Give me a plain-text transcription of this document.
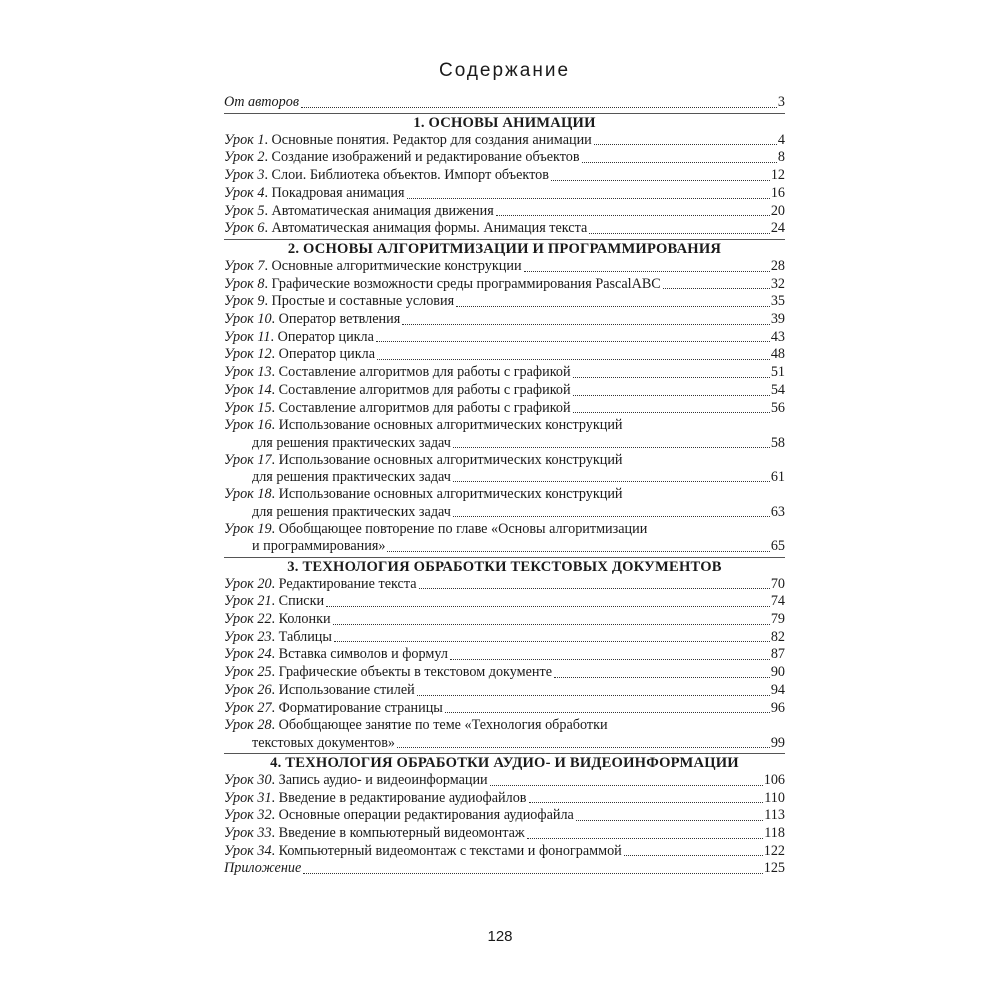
Содержание
От авторов	3
1. ОСНОВЫ АНИМАЦИИ
Урок 1. Основные понятия. Редактор для создания анимации	4
Урок 2. Создание изображений и редактирование объектов	8
Урок 3. Слои. Библиотека объектов. Импорт объектов	12
Урок 4. Покадровая анимация	16
Урок 5. Автоматическая анимация движения	20
Урок 6. Автоматическая анимация формы. Анимация текста	24
2. ОСНОВЫ АЛГОРИТМИЗАЦИИ И ПРОГРАММИРОВАНИЯ
Урок 7. Основные алгоритмические конструкции	28
Урок 8. Графические возможности среды программирования PascalABC	32
Урок 9. Простые и составные условия	35
Урок 10. Оператор ветвления	39
Урок 11. Оператор цикла	43
Урок 12. Оператор цикла	48
Урок 13. Составление алгоритмов для работы с графикой	51
Урок 14. Составление алгоритмов для работы с графикой	54
Урок 15. Составление алгоритмов для работы с графикой	56
Урок 16. Использование основных алгоритмических конструкций
для решения практических задач	58
Урок 17. Использование основных алгоритмических конструкций
для решения практических задач	61
Урок 18. Использование основных алгоритмических конструкций
для решения практических задач	63
Урок 19. Обобщающее повторение по главе «Основы алгоритмизации
и программирования»	65
3. ТЕХНОЛОГИЯ ОБРАБОТКИ ТЕКСТОВЫХ ДОКУМЕНТОВ
Урок 20. Редактирование текста	70
Урок 21. Списки	74
Урок 22. Колонки	79
Урок 23. Таблицы	82
Урок 24. Вставка символов и формул	87
Урок 25. Графические объекты в текстовом документе	90
Урок 26. Использование стилей	94
Урок 27. Форматирование страницы	96
Урок 28. Обобщающее занятие по теме «Технология обработки
текстовых документов»	99
4. ТЕХНОЛОГИЯ ОБРАБОТКИ АУДИО- И ВИДЕОИНФОРМАЦИИ
Урок 30. Запись аудио- и видеоинформации	106
Урок 31. Введение в редактирование аудиофайлов	110
Урок 32. Основные операции редактирования аудиофайла	113
Урок 33. Введение в компьютерный видеомонтаж	118
Урок 34. Компьютерный видеомонтаж с текстами и фонограммой	122
Приложение	125
128
